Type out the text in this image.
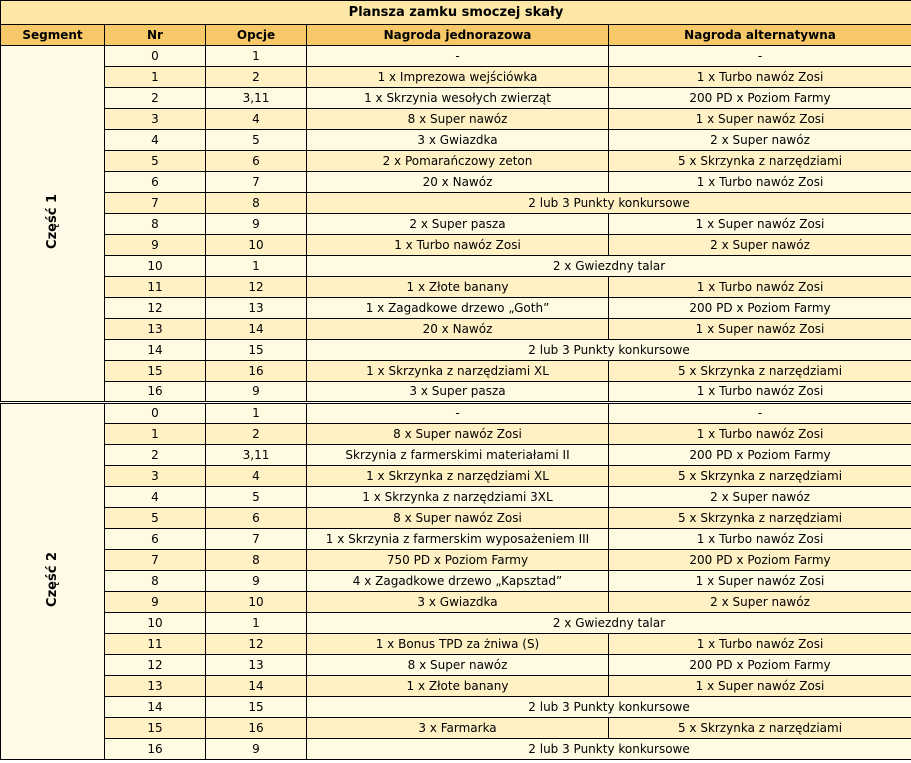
Plansza zamku smoczej skały				
Segment	Nr	Opcje	Nagroda jednorazowa	Nagroda alternatywna
Część 1	0	1	-	-
	1	2	1 x Imprezowa wejściówka	1 x Turbo nawóz Zosi
	2	3,11	1 x Skrzynia wesołych zwierząt	200 PD x Poziom Farmy
	3	4	8 x Super nawóz	1 x Super nawóz Zosi
	4	5	3 x Gwiazdka	2 x Super nawóz
	5	6	2 x Pomarańczowy zeton	5 x Skrzynka z narzędziami
	6	7	20 x Nawóz	1 x Turbo nawóz Zosi
	7	8	2 lub 3 Punkty konkursowe	
	8	9	2 x Super pasza	1 x Super nawóz Zosi
	9	10	1 x Turbo nawóz Zosi	2 x Super nawóz
	10	1	2 x Gwiezdny talar	
	11	12	1 x Złote banany	1 x Turbo nawóz Zosi
	12	13	1 x Zagadkowe drzewo „Goth”	200 PD x Poziom Farmy
	13	14	20 x Nawóz	1 x Super nawóz Zosi
	14	15	2 lub 3 Punkty konkursowe	
	15	16	1 x Skrzynka z narzędziami XL	5 x Skrzynka z narzędziami
	16	9	3 x Super pasza	1 x Turbo nawóz Zosi
Część 2	0	1	-	-
	1	2	8 x Super nawóz Zosi	1 x Turbo nawóz Zosi
	2	3,11	Skrzynia z farmerskimi materiałami II	200 PD x Poziom Farmy
	3	4	1 x Skrzynka z narzędziami XL	5 x Skrzynka z narzędziami
	4	5	1 x Skrzynka z narzędziami 3XL	2 x Super nawóz
	5	6	8 x Super nawóz Zosi	5 x Skrzynka z narzędziami
	6	7	1 x Skrzynia z farmerskim wyposażeniem III	1 x Turbo nawóz Zosi
	7	8	750 PD x Poziom Farmy	200 PD x Poziom Farmy
	8	9	4 x Zagadkowe drzewo „Kapsztad”	1 x Super nawóz Zosi
	9	10	3 x Gwiazdka	2 x Super nawóz
	10	1	2 x Gwiezdny talar	
	11	12	1 x Bonus TPD za żniwa (S)	1 x Turbo nawóz Zosi
	12	13	8 x Super nawóz	200 PD x Poziom Farmy
	13	14	1 x Złote banany	1 x Super nawóz Zosi
	14	15	2 lub 3 Punkty konkursowe	
	15	16	3 x Farmarka	5 x Skrzynka z narzędziami
	16	9	2 lub 3 Punkty konkursowe	
